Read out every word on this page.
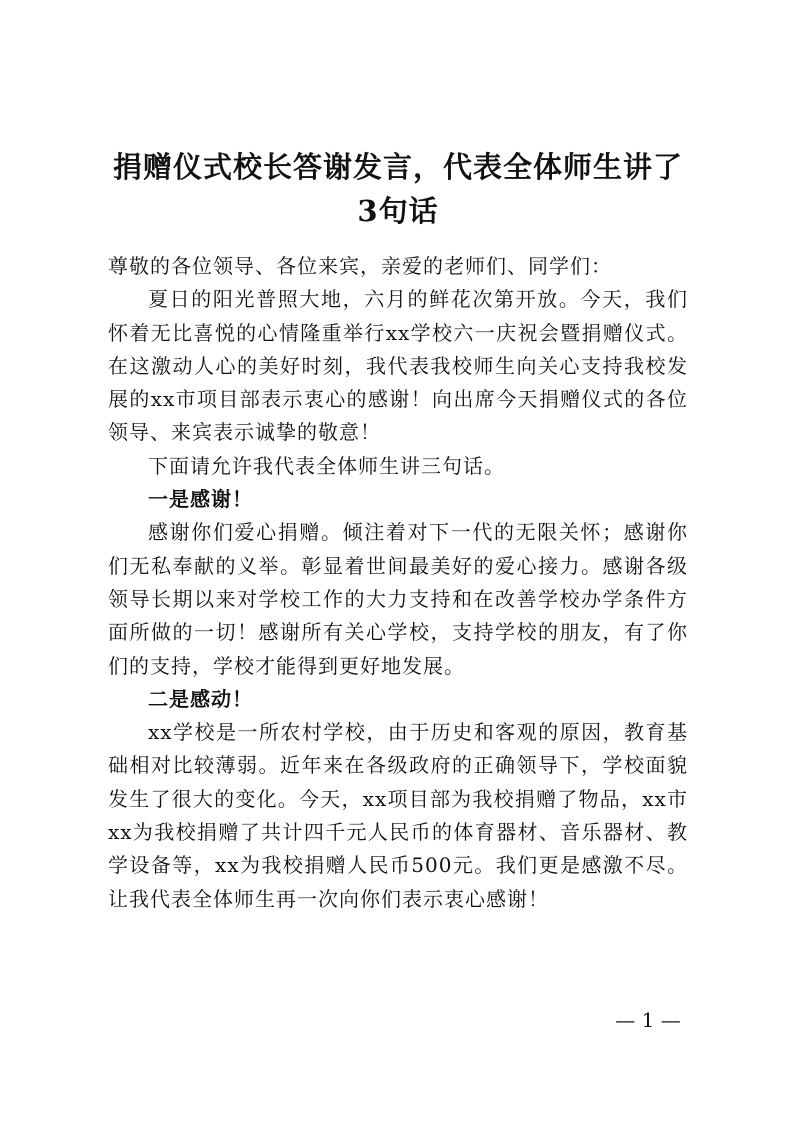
捐赠仪式校长答谢发言，代表全体师生讲了3句话

尊敬的各位领导、各位来宾，亲爱的老师们、同学们：

夏日的阳光普照大地，六月的鲜花次第开放。今天，我们怀着无比喜悦的心情隆重举行xx学校六一庆祝会暨捐赠仪式。在这激动人心的美好时刻，我代表我校师生向关心支持我校发展的xx市项目部表示衷心的感谢！向出席今天捐赠仪式的各位领导、来宾表示诚挚的敬意！

下面请允许我代表全体师生讲三句话。

一是感谢！

感谢你们爱心捐赠。倾注着对下一代的无限关怀；感谢你们无私奉献的义举。彰显着世间最美好的爱心接力。感谢各级领导长期以来对学校工作的大力支持和在改善学校办学条件方面所做的一切！感谢所有关心学校，支持学校的朋友，有了你们的支持，学校才能得到更好地发展。

二是感动！

xx学校是一所农村学校，由于历史和客观的原因，教育基础相对比较薄弱。近年来在各级政府的正确领导下，学校面貌发生了很大的变化。今天，xx项目部为我校捐赠了物品，xx市xx为我校捐赠了共计四千元人民币的体育器材、音乐器材、教学设备等，xx为我校捐赠人民币500元。我们更是感激不尽。让我代表全体师生再一次向你们表示衷心感谢！

— 1 —
